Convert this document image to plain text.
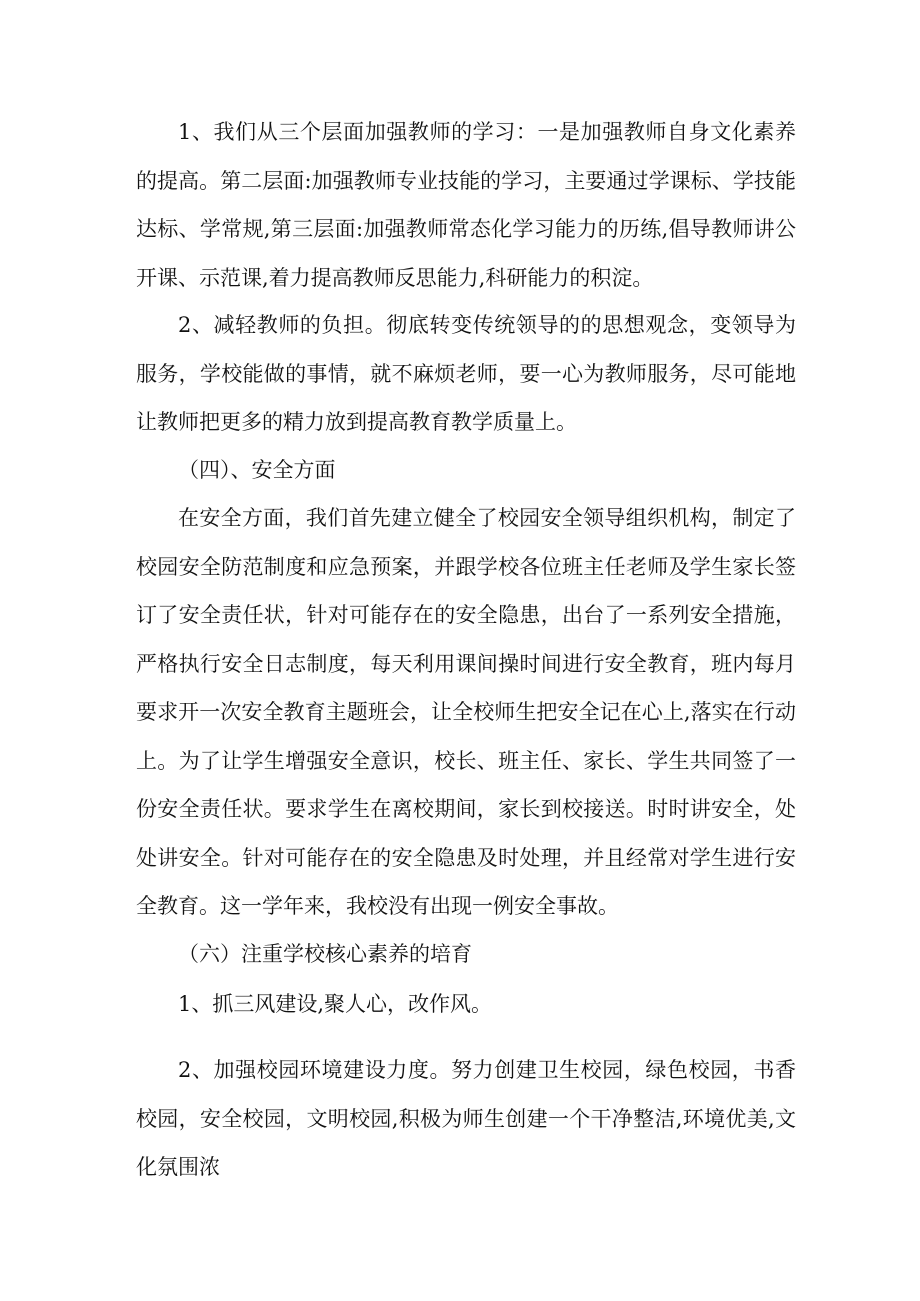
1、我们从三个层面加强教师的学习：一是加强教师自身文化素养的提高。第二层面:加强教师专业技能的学习，主要通过学课标、学技能达标、学常规,第三层面:加强教师常态化学习能力的历练,倡导教师讲公开课、示范课,着力提高教师反思能力,科研能力的积淀。

2、减轻教师的负担。彻底转变传统领导的的思想观念，变领导为服务，学校能做的事情，就不麻烦老师，要一心为教师服务，尽可能地让教师把更多的精力放到提高教育教学质量上。

（四）、安全方面

在安全方面，我们首先建立健全了校园安全领导组织机构，制定了校园安全防范制度和应急预案，并跟学校各位班主任老师及学生家长签订了安全责任状，针对可能存在的安全隐患，出台了一系列安全措施，严格执行安全日志制度，每天利用课间操时间进行安全教育，班内每月要求开一次安全教育主题班会，让全校师生把安全记在心上,落实在行动上。为了让学生增强安全意识，校长、班主任、家长、学生共同签了一份安全责任状。要求学生在离校期间，家长到校接送。时时讲安全，处处讲安全。针对可能存在的安全隐患及时处理，并且经常对学生进行安全教育。这一学年来，我校没有出现一例安全事故。

（六）注重学校核心素养的培育

1、抓三风建设,聚人心，改作风。

2、加强校园环境建设力度。努力创建卫生校园，绿色校园，书香校园，安全校园，文明校园,积极为师生创建一个干净整洁,环境优美,文化氛围浓
